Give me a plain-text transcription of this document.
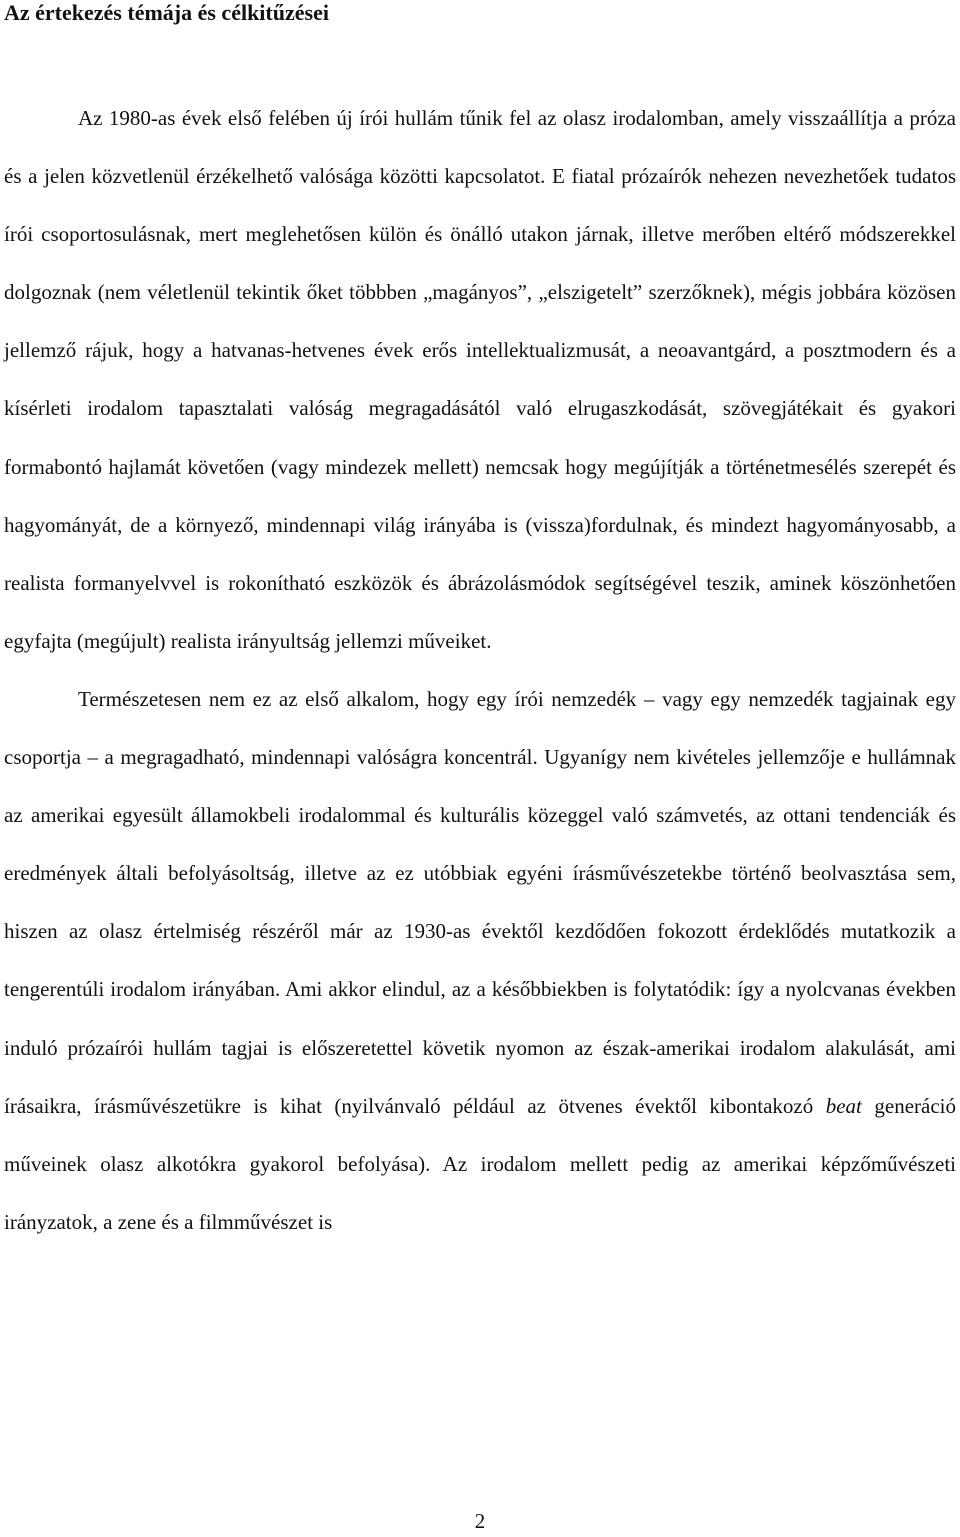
Az értekezés témája és célkitűzései

Az 1980-as évek első felében új írói hullám tűnik fel az olasz irodalomban, amely visszaállítja a próza és a jelen közvetlenül érzékelhető valósága közötti kapcsolatot. E fiatal prózaírók nehezen nevezhetőek tudatos írói csoportosulásnak, mert meglehetősen külön és önálló utakon járnak, illetve merőben eltérő módszerekkel dolgoznak (nem véletlenül tekintik őket többben „magányos”, „elszigetelt” szerzőknek), mégis jobbára közösen jellemző rájuk, hogy a hatvanas-hetvenes évek erős intellektualizmusát, a neoavantgárd, a posztmodern és a kísérleti irodalom tapasztalati valóság megragadásától való elrugaszkodását, szövegjátékait és gyakori formabontó hajlamát követően (vagy mindezek mellett) nemcsak hogy megújítják a történetmesélés szerepét és hagyományát, de a környező, mindennapi világ irányába is (vissza)fordulnak, és mindezt hagyományosabb, a realista formanyelvvel is rokonítható eszközök és ábrázolásmódok segítségével teszik, aminek köszönhetően egyfajta (megújult) realista irányultság jellemzi műveiket.

Természetesen nem ez az első alkalom, hogy egy írói nemzedék – vagy egy nemzedék tagjainak egy csoportja – a megragadható, mindennapi valóságra koncentrál. Ugyanígy nem kivételes jellemzője e hullámnak az amerikai egyesült államokbeli irodalommal és kulturális közeggel való számvetés, az ottani tendenciák és eredmények általi befolyásoltság, illetve az ez utóbbiak egyéni írásművészetekbe történő beolvasztása sem, hiszen az olasz értelmiség részéről már az 1930-as évektől kezdődően fokozott érdeklődés mutatkozik a tengerentúli irodalom irányában. Ami akkor elindul, az a későbbiekben is folytatódik: így a nyolcvanas években induló prózaírói hullám tagjai is előszeretettel követik nyomon az észak-amerikai irodalom alakulását, ami írásaikra, írásművészetükre is kihat (nyilvánvaló például az ötvenes évektől kibontakozó beat generáció műveinek olasz alkotókra gyakorol befolyása). Az irodalom mellett pedig az amerikai képzőművészeti irányzatok, a zene és a filmművészet is

2
